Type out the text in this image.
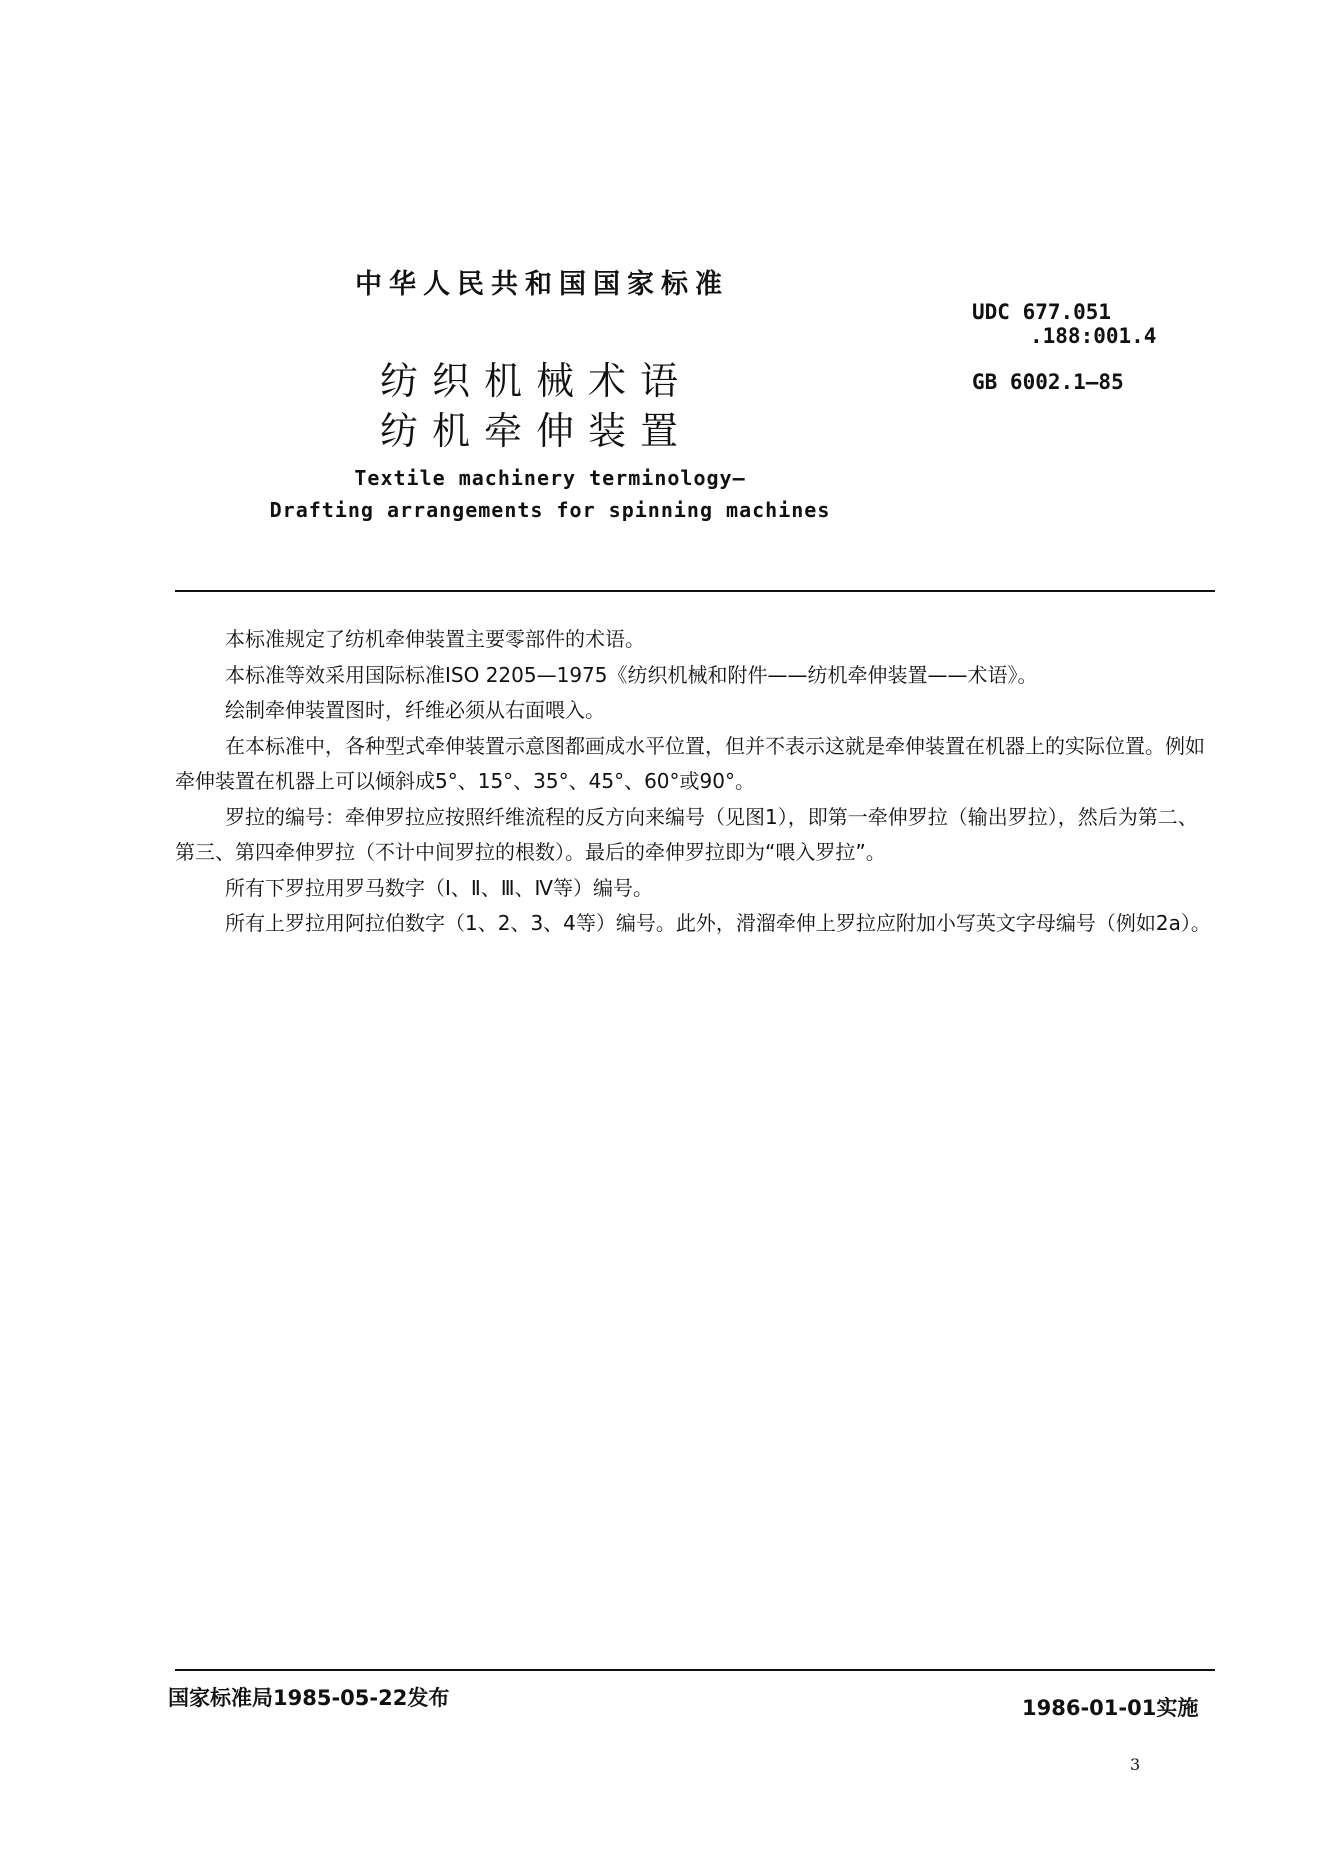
中华人民共和国国家标准
UDC 677.051
.188:001.4
GB 6002.1—85
纺织机械术语
纺机牵伸装置
Textile machinery terminology—
Drafting arrangements for spinning machines

本标准规定了纺机牵伸装置主要零部件的术语。

本标准等效采用国际标准ISO 2205—1975《纺织机械和附件——纺机牵伸装置——术语》。

绘制牵伸装置图时，纤维必须从右面喂入。

在本标准中，各种型式牵伸装置示意图都画成水平位置，但并不表示这就是牵伸装置在机器上的实际位置。例如牵伸装置在机器上可以倾斜成5°、15°、35°、45°、60°或90°。

罗拉的编号：牵伸罗拉应按照纤维流程的反方向来编号（见图1），即第一牵伸罗拉（输出罗拉），然后为第二、第三、第四牵伸罗拉（不计中间罗拉的根数）。最后的牵伸罗拉即为“喂入罗拉”。

所有下罗拉用罗马数字（Ⅰ、Ⅱ、Ⅲ、Ⅳ等）编号。

所有上罗拉用阿拉伯数字（1、2、3、4等）编号。此外，滑溜牵伸上罗拉应附加小写英文字母编号（例如2a）。

国家标准局1985-05-22发布	1986-01-01实施
3
